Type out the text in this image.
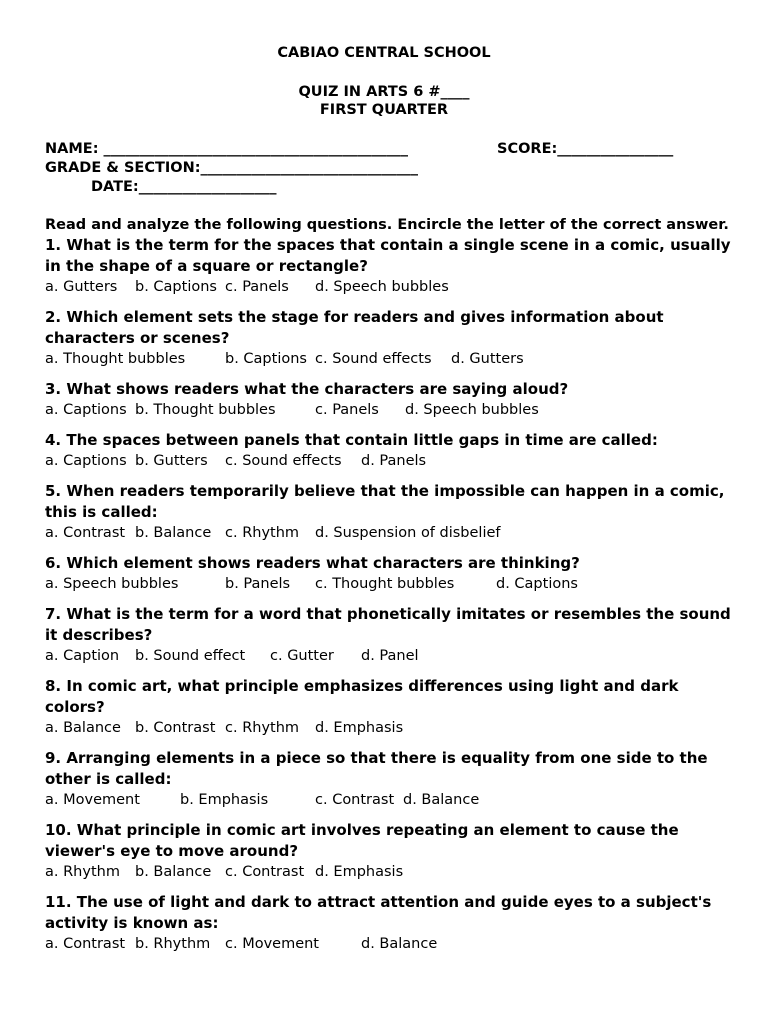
CABIAO CENTRAL SCHOOL
QUIZ IN ARTS 6 #____
FIRST QUARTER
NAME: __________________________________________	SCORE:________________
GRADE & SECTION:______________________________
DATE:___________________
Read and analyze the following questions. Encircle the letter of the correct answer.
1. What is the term for the spaces that contain a single scene in a comic, usually in the shape of a square or rectangle?
a. Gutters b. Captions c. Panels d. Speech bubbles
2. Which element sets the stage for readers and gives information about characters or scenes?
a. Thought bubbles	b. Captions c. Sound effects d. Gutters
3. What shows readers what the characters are saying aloud?
a. Captions b. Thought bubbles	c. Panels d. Speech bubbles
4. The spaces between panels that contain little gaps in time are called:
a. Captions b. Gutters c. Sound effects d. Panels
5. When readers temporarily believe that the impossible can happen in a comic, this is called:
a. Contrast b. Balance c. Rhythm d. Suspension of disbelief
6. Which element shows readers what characters are thinking?
a. Speech bubbles	b. Panels c. Thought bubbles	d. Captions
7. What is the term for a word that phonetically imitates or resembles the sound it describes?
a. Caption b. Sound effect c. Gutter d. Panel
8. In comic art, what principle emphasizes differences using light and dark colors?
a. Balance b. Contrast c. Rhythm d. Emphasis
9. Arranging elements in a piece so that there is equality from one side to the other is called:
a. Movement	b. Emphasis	c. Contrast d. Balance
10. What principle in comic art involves repeating an element to cause the viewer's eye to move around?
a. Rhythm b. Balance c. Contrast d. Emphasis
11. The use of light and dark to attract attention and guide eyes to a subject's activity is known as:
a. Contrast b. Rhythm c. Movement	d. Balance
